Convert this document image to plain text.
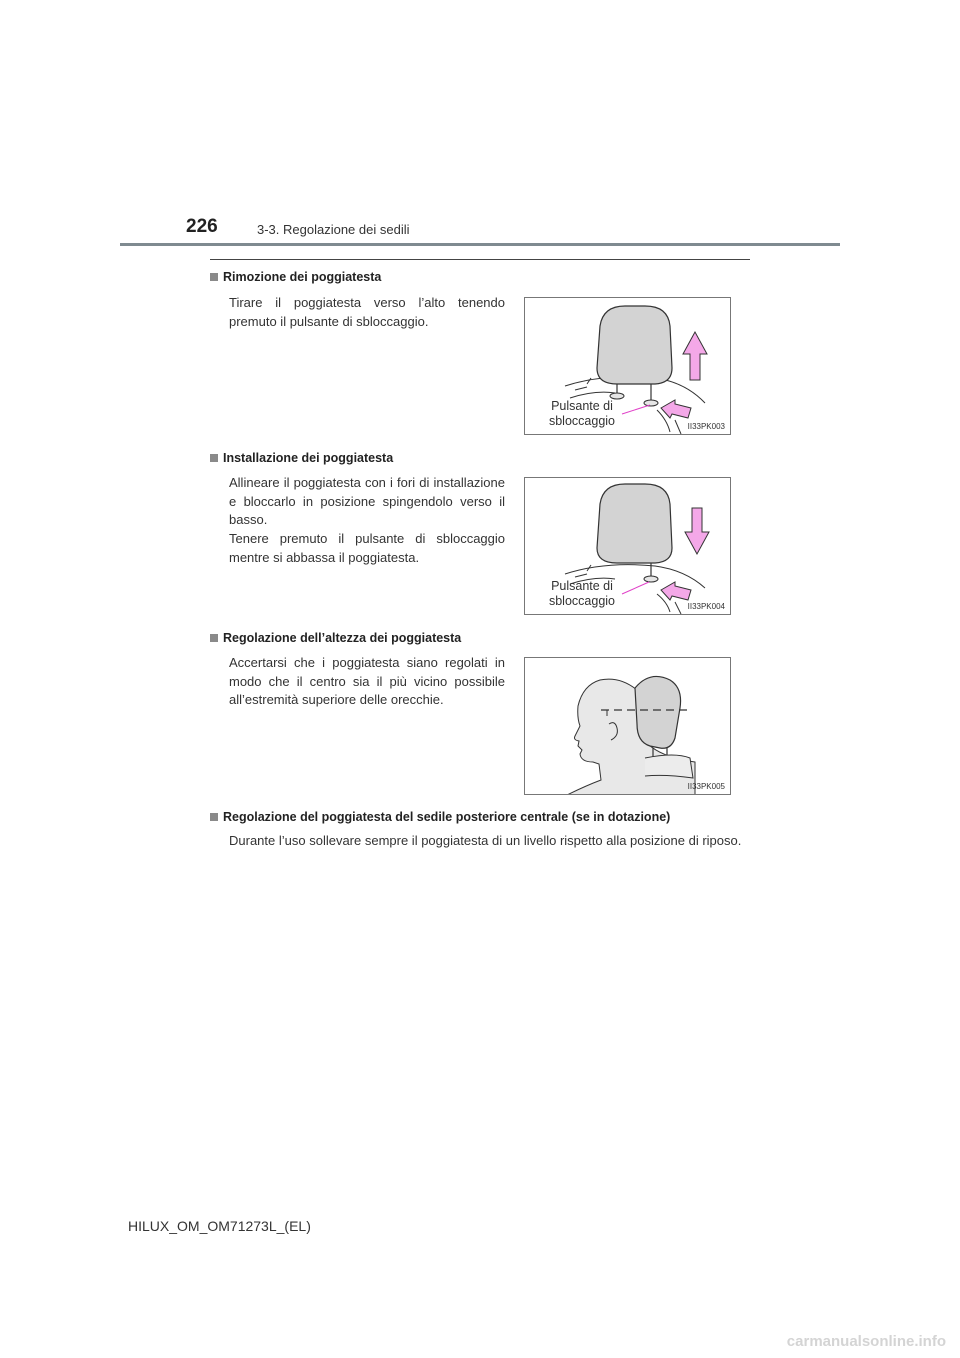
226	3-3. Regolazione dei sedili
Rimozione dei poggiatesta
Tirare il poggiatesta verso l’alto tenendo premuto il pulsante di sbloccaggio.
Pulsante di
sbloccaggio	II33PK003
Installazione dei poggiatesta
Allineare il poggiatesta con i fori di installazione e bloccarlo in posizione spingendolo verso il basso.
Tenere premuto il pulsante di sbloccaggio mentre si abbassa il poggiatesta.
Pulsante di
sbloccaggio	II33PK004
Regolazione dell’altezza dei poggiatesta
Accertarsi che i poggiatesta siano regolati in modo che il centro sia il più vicino possibile all’estremità superiore delle orecchie.
II33PK005
Regolazione del poggiatesta del sedile posteriore centrale (se in dotazione)
Durante l’uso sollevare sempre il poggiatesta di un livello rispetto alla posizione di riposo.
HILUX_OM_OM71273L_(EL)
carmanualsonline.info
